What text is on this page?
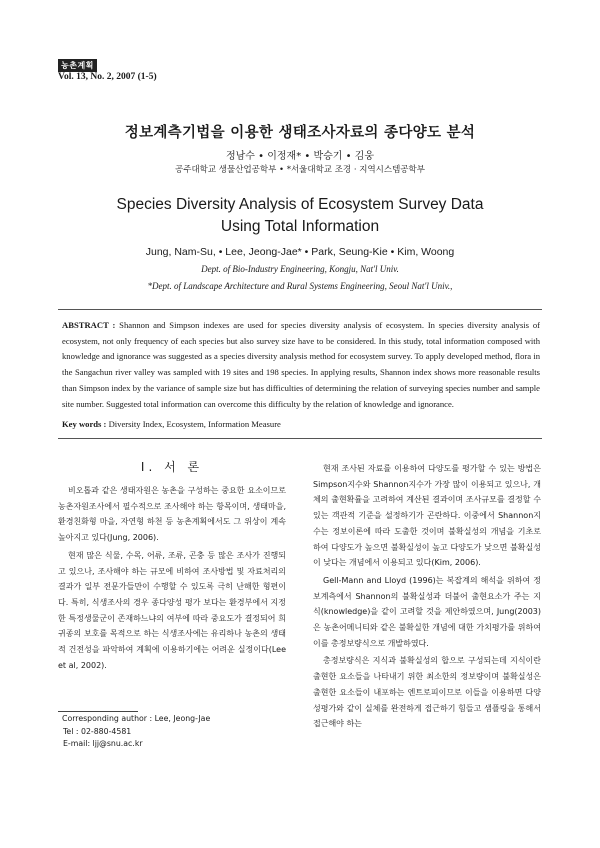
농촌계획
Vol. 13, No. 2, 2007 (1-5)
정보계측기법을 이용한 생태조사자료의 종다양도 분석
정남수 • 이정재* • 박승기 • 김웅
공주대학교 생물산업공학부 • *서울대학교 조경 · 지역시스템공학부
Species Diversity Analysis of Ecosystem Survey Data
Using Total Information
Jung, Nam-Su, • Lee, Jeong-Jae* • Park, Seung-Kie • Kim, Woong
Dept. of Bio-Industry Engineering, Kongju, Nat'l Univ.
*Dept. of Landscape Architecture and Rural Systems Engineering, Seoul Nat'l Univ.,
ABSTRACT : Shannon and Simpson indexes are used for species diversity analysis of ecosystem. In species diversity analysis of ecosystem, not only frequency of each species but also survey size have to be considered. In this study, total information composed with knowledge and ignorance was suggested as a species diversity analysis method for ecosystem survey. To apply developed method, flora in the Sangachun river valley was sampled with 19 sites and 198 species. In applying results, Shannon index shows more reasonable results than Simpson index by the variance of sample size but has difficulties of determining the relation of surveying species number and sample site number. Suggested total information can overcome this difficulty by the relation of knowledge and ignorance.
Key words : Diversity Index, Ecosystem, Information Measure
Ⅰ. 서 론

비오톱과 같은 생태자원은 농촌을 구성하는 중요한 요소이므로 농촌자원조사에서 필수적으로 조사해야 하는 항목이며, 생태마을, 환경친화형 마을, 자연형 하천 등 농촌계획에서도 그 위상이 계속 높아지고 있다(Jung, 2006).

현재 많은 식물, 수목, 어류, 조류, 곤충 등 많은 조사가 진행되고 있으나, 조사해야 하는 규모에 비하여 조사방법 및 자료처리의 결과가 일부 전문가들만이 수행할 수 있도록 극히 난해한 형편이다. 특히, 식생조사의 경우 종다양성 평가 보다는 환경부에서 지정한 특정생물군이 존재하느냐의 여부에 따라 중요도가 결정되어 희귀종의 보호를 목적으로 하는 식생조사에는 유리하나 농촌의 생태적 건전성을 파악하여 계획에 이용하기에는 어려운 실정이다(Lee et al, 2002).

현재 조사된 자료를 이용하여 다양도를 평가할 수 있는 방법은 Simpson지수와 Shannon지수가 가장 많이 이용되고 있으나, 개체의 출현확률을 고려하여 계산된 결과이며 조사규모를 결정할 수 있는 객관적 기준을 설정하기가 곤란하다. 이중에서 Shannon지수는 정보이론에 따라 도출한 것이며 불확실성의 개념을 기초로 하여 다양도가 높으면 불확실성이 높고 다양도가 낮으면 불확실성이 낮다는 개념에서 이용되고 있다(Kim, 2006).

Gell-Mann and Lloyd (1996)는 복잡계의 해석을 위하여 정보계측에서 Shannon의 불확실성과 더불어 출현요소가 주는 지식(knowledge)을 같이 고려할 것을 제안하였으며, Jung(2003)은 농촌어메니티와 같은 불확실한 개념에 대한 가치평가를 위하여 이를 총정보량식으로 개발하였다.

총정보량식은 지식과 불확실성의 합으로 구성되는데 지식이란 출현한 요소들을 나타내기 위한 최소한의 정보량이며 불확실성은 출현한 요소들이 내포하는 엔트로피이므로 이들을 이용하면 다양성평가와 같이 실체를 완전하게 접근하기 힘들고 샘플링을 통해서 접근해야 하는

Corresponding author : Lee, Jeong-Jae
Tel : 02-880-4581
E-mail: ljj@snu.ac.kr
